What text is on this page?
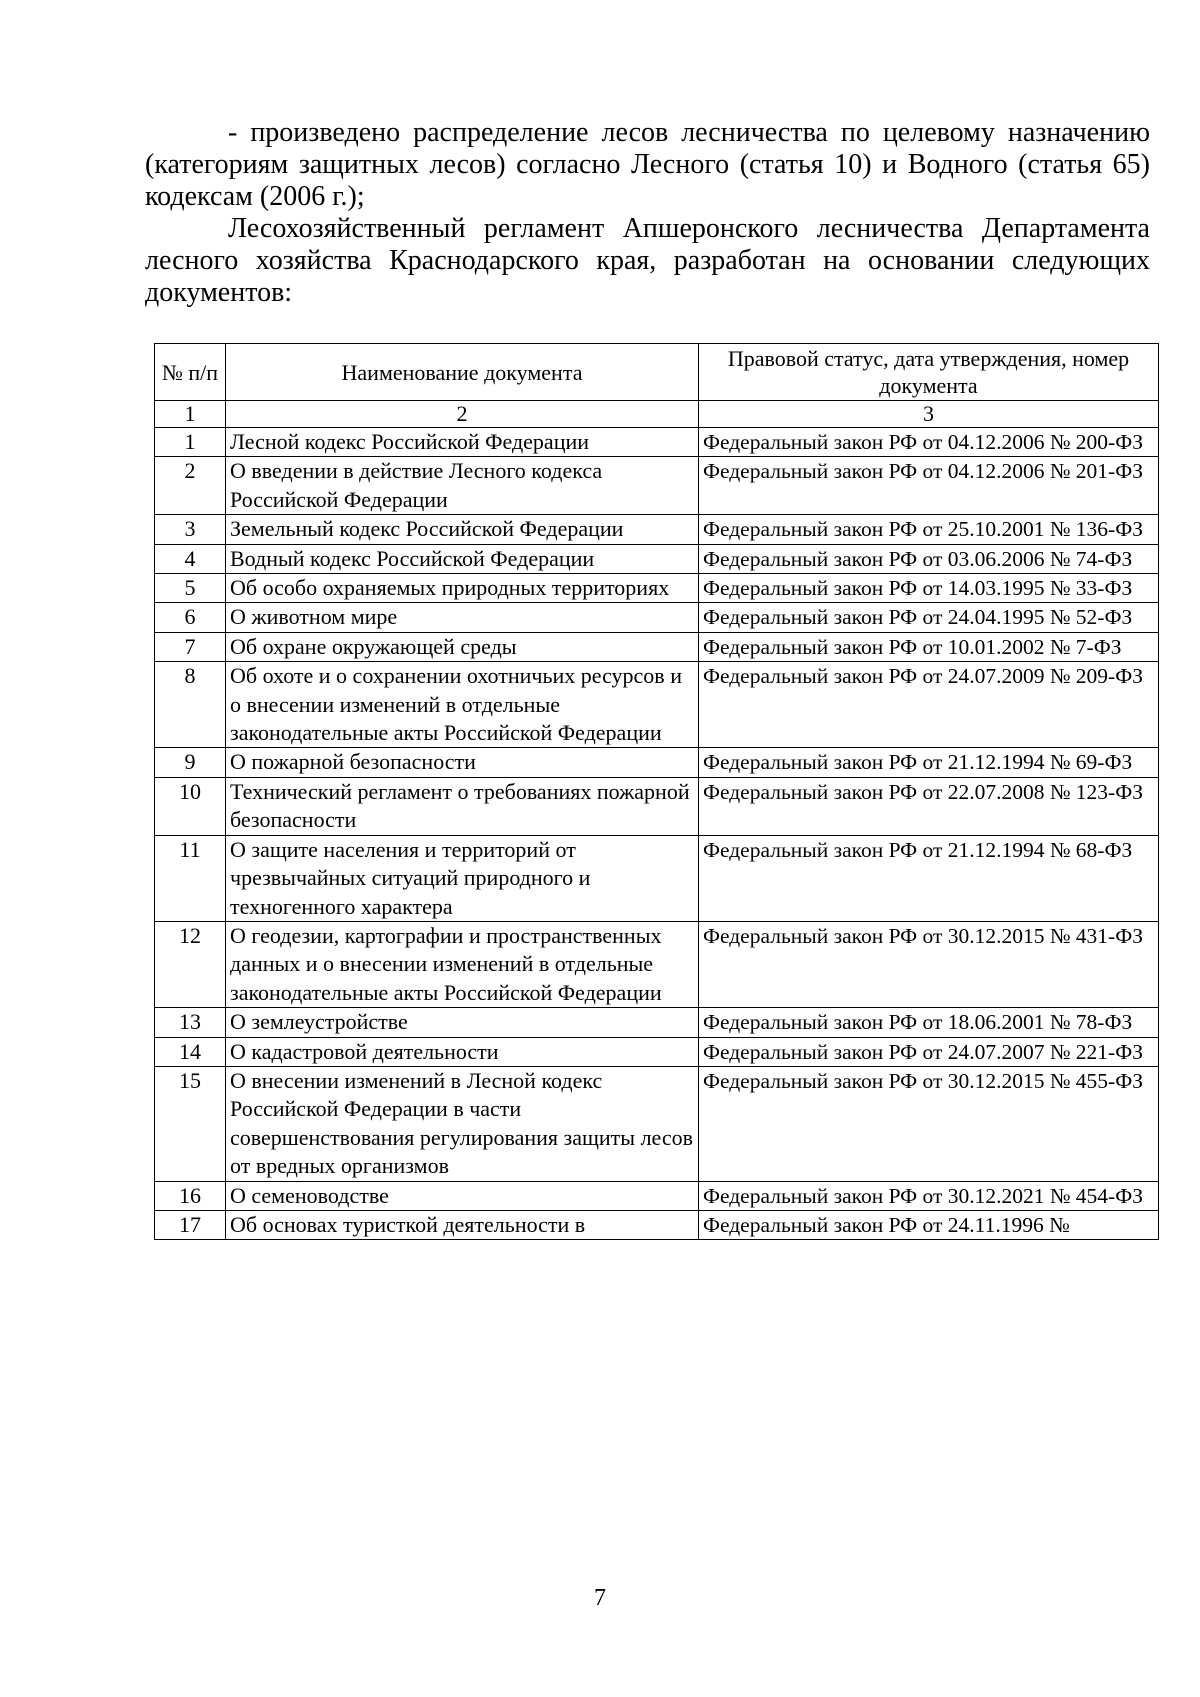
- произведено распределение лесов лесничества по целевому назначению (категориям защитных лесов) согласно Лесного (статья 10) и Водного (статья 65) кодексам (2006 г.);

Лесохозяйственный регламент Апшеронского лесничества Департамента лесного хозяйства Краснодарского края, разработан на основании следующих документов:

№ п/п	Наименование документа	Правовой статус, дата утверждения, номер документа
1	2	3
1	Лесной кодекс Российской Федерации	Федеральный закон РФ от 04.12.2006 № 200-ФЗ
2	О введении в действие Лесного кодекса Российской Федерации	Федеральный закон РФ от 04.12.2006 № 201-ФЗ
3	Земельный кодекс Российской Федерации	Федеральный закон РФ от 25.10.2001 № 136-ФЗ
4	Водный кодекс Российской Федерации	Федеральный закон РФ от 03.06.2006 № 74-ФЗ
5	Об особо охраняемых природных территориях	Федеральный закон РФ от 14.03.1995 № 33-ФЗ
6	О животном мире	Федеральный закон РФ от 24.04.1995 № 52-ФЗ
7	Об охране окружающей среды	Федеральный закон РФ от 10.01.2002 № 7-ФЗ
8	Об охоте и о сохранении охотничьих ресурсов и о внесении изменений в отдельные законодательные акты Российской Федерации	Федеральный закон РФ от 24.07.2009 № 209-ФЗ
9	О пожарной безопасности	Федеральный закон РФ от 21.12.1994 № 69-ФЗ
10	Технический регламент о требованиях пожарной безопасности	Федеральный закон РФ от 22.07.2008 № 123-ФЗ
11	О защите населения и территорий от чрезвычайных ситуаций природного и техногенного характера	Федеральный закон РФ от 21.12.1994 № 68-ФЗ
12	О геодезии, картографии и пространственных данных и о внесении изменений в отдельные законодательные акты Российской Федерации	Федеральный закон РФ от 30.12.2015 № 431-ФЗ
13	О землеустройстве	Федеральный закон РФ от 18.06.2001 № 78-ФЗ
14	О кадастровой деятельности	Федеральный закон РФ от 24.07.2007 № 221-ФЗ
15	О внесении изменений в Лесной кодекс Российской Федерации в части совершенствования регулирования защиты лесов от вредных организмов	Федеральный закон РФ от 30.12.2015 № 455-ФЗ
16	О семеноводстве	Федеральный закон РФ от 30.12.2021 № 454-ФЗ
17	Об основах туристкой деятельности в	Федеральный закон РФ от 24.11.1996 №
7
